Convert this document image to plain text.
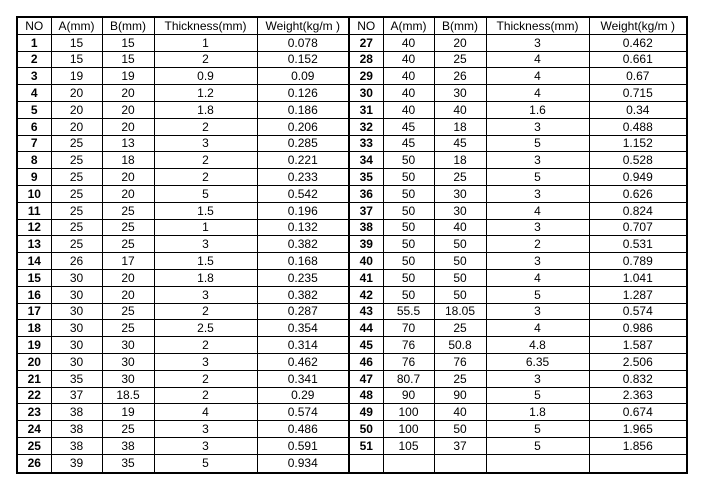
NO	A(mm)	B(mm)	Thickness(mm)	Weight(kg/m )	NO	A(mm)	B(mm)	Thickness(mm)	Weight(kg/m )
1	15	15	1	0.078	27	40	20	3	0.462
2	15	15	2	0.152	28	40	25	4	0.661
3	19	19	0.9	0.09	29	40	26	4	0.67
4	20	20	1.2	0.126	30	40	30	4	0.715
5	20	20	1.8	0.186	31	40	40	1.6	0.34
6	20	20	2	0.206	32	45	18	3	0.488
7	25	13	3	0.285	33	45	45	5	1.152
8	25	18	2	0.221	34	50	18	3	0.528
9	25	20	2	0.233	35	50	25	5	0.949
10	25	20	5	0.542	36	50	30	3	0.626
11	25	25	1.5	0.196	37	50	30	4	0.824
12	25	25	1	0.132	38	50	40	3	0.707
13	25	25	3	0.382	39	50	50	2	0.531
14	26	17	1.5	0.168	40	50	50	3	0.789
15	30	20	1.8	0.235	41	50	50	4	1.041
16	30	20	3	0.382	42	50	50	5	1.287
17	30	25	2	0.287	43	55.5	18.05	3	0.574
18	30	25	2.5	0.354	44	70	25	4	0.986
19	30	30	2	0.314	45	76	50.8	4.8	1.587
20	30	30	3	0.462	46	76	76	6.35	2.506
21	35	30	2	0.341	47	80.7	25	3	0.832
22	37	18.5	2	0.29	48	90	90	5	2.363
23	38	19	4	0.574	49	100	40	1.8	0.674
24	38	25	3	0.486	50	100	50	5	1.965
25	38	38	3	0.591	51	105	37	5	1.856
26	39	35	5	0.934					
